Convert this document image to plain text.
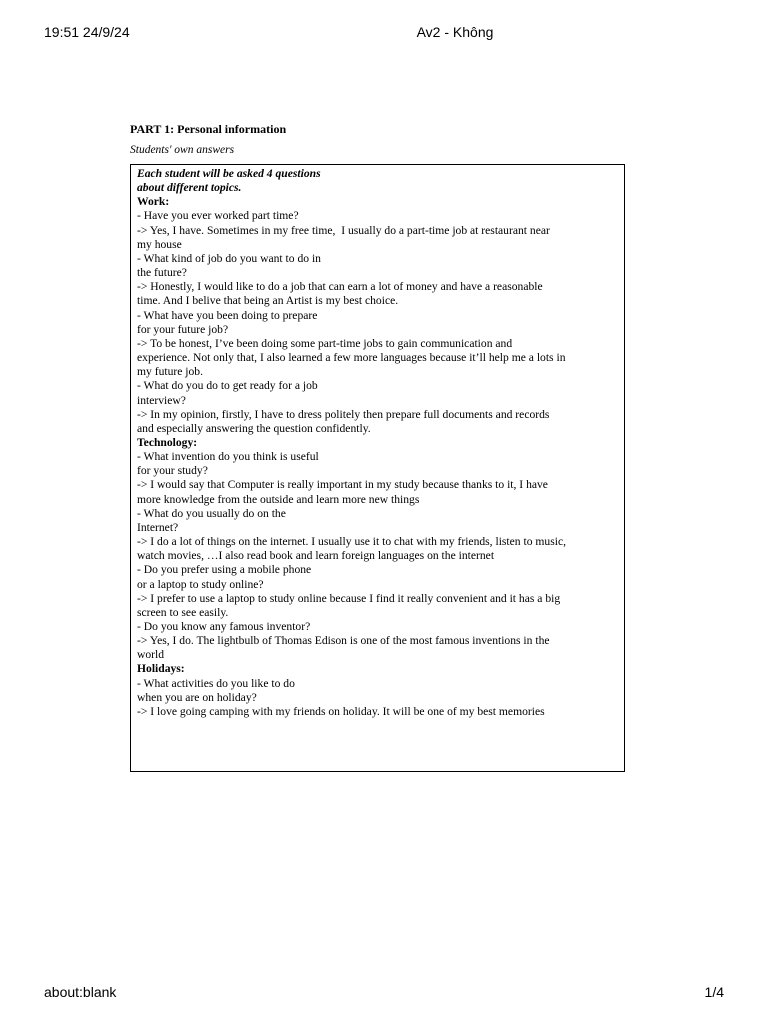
19:51 24/9/24	Av2 - Không
PART 1: Personal information
Students' own answers
Each student will be asked 4 questions
about different topics.
Work:
- Have you ever worked part time?
-> Yes, I have. Sometimes in my free time,  I usually do a part-time job at restaurant near
my house
- What kind of job do you want to do in
the future?
-> Honestly, I would like to do a job that can earn a lot of money and have a reasonable
time. And I belive that being an Artist is my best choice.
- What have you been doing to prepare
for your future job?
-> To be honest, I’ve been doing some part-time jobs to gain communication and
experience. Not only that, I also learned a few more languages because it’ll help me a lots in
my future job.
- What do you do to get ready for a job
interview?
-> In my opinion, firstly, I have to dress politely then prepare full documents and records
and especially answering the question confidently.
Technology:
- What invention do you think is useful
for your study?
-> I would say that Computer is really important in my study because thanks to it, I have
more knowledge from the outside and learn more new things
- What do you usually do on the
Internet?
-> I do a lot of things on the internet. I usually use it to chat with my friends, listen to music,
watch movies, …I also read book and learn foreign languages on the internet
- Do you prefer using a mobile phone
or a laptop to study online?
-> I prefer to use a laptop to study online because I find it really convenient and it has a big
screen to see easily.
- Do you know any famous inventor?
-> Yes, I do. The lightbulb of Thomas Edison is one of the most famous inventions in the
world
Holidays:
- What activities do you like to do
when you are on holiday?
-> I love going camping with my friends on holiday. It will be one of my best memories
about:blank	1/4
